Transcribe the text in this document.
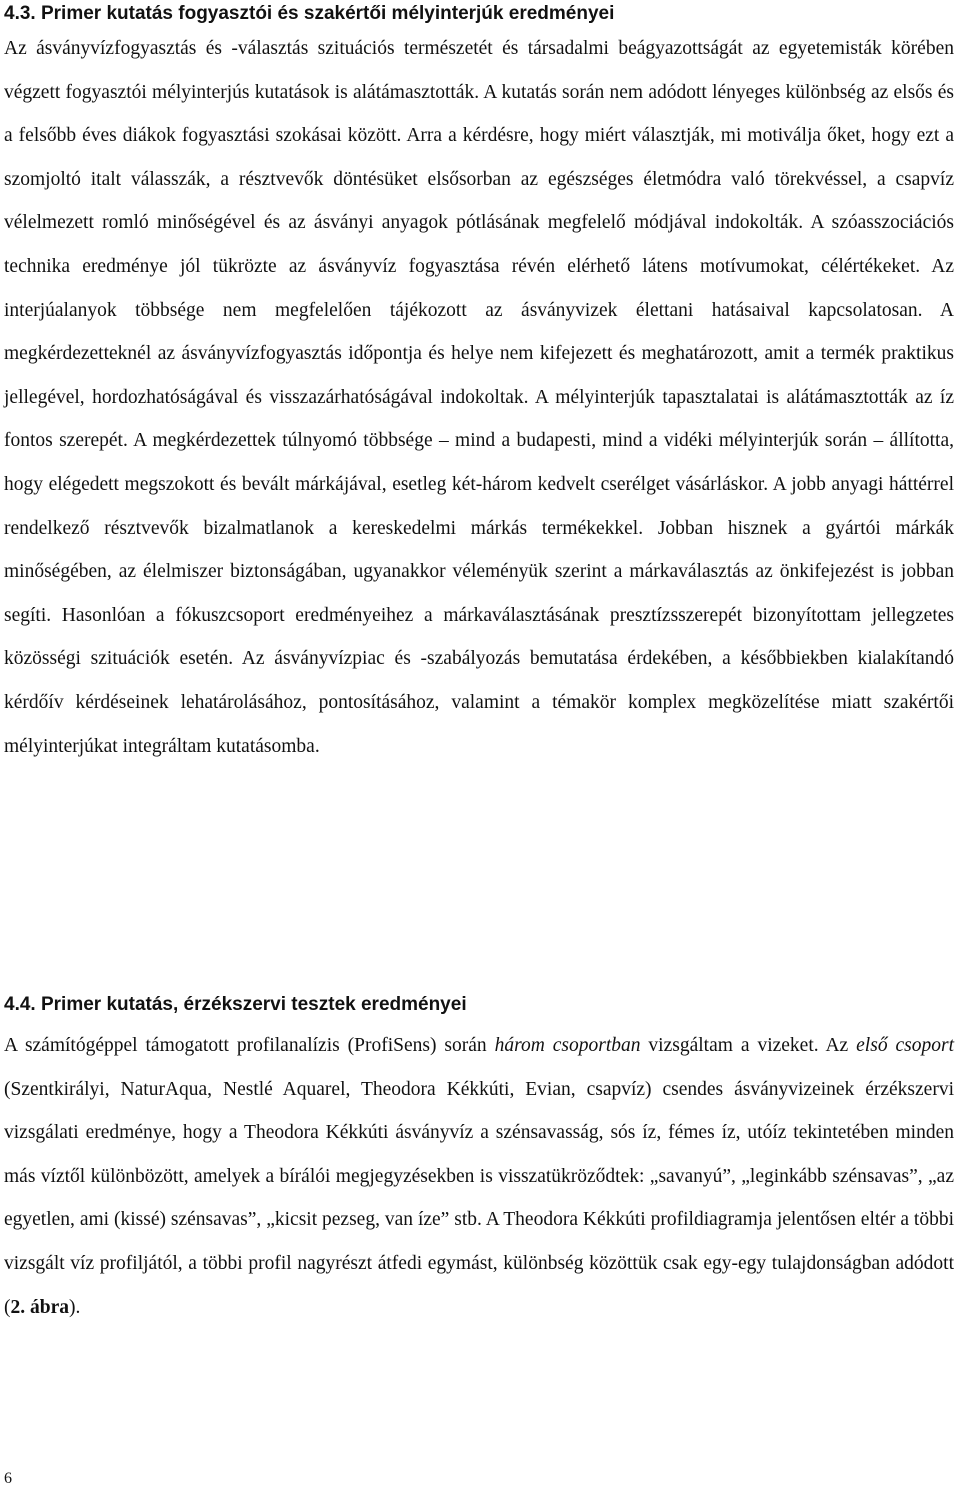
4.3. Primer kutatás fogyasztói és szakértői mélyinterjúk eredményei

Az ásványvízfogyasztás és -választás szituációs természetét és társadalmi beágyazottságát az egyetemisták körében végzett fogyasztói mélyinterjús kutatások is alátámasztották. A kutatás során nem adódott lényeges különbség az elsős és a felsőbb éves diákok fogyasztási szokásai között. Arra a kérdésre, hogy miért választják, mi motiválja őket, hogy ezt a szomjoltó italt válasszák, a résztvevők döntésüket elsősorban az egészséges életmódra való törekvéssel, a csapvíz vélelmezett romló minőségével és az ásványi anyagok pótlásának megfelelő módjával indokolták. A szóasszociációs technika eredménye jól tükrözte az ásványvíz fogyasztása révén elérhető látens motívumokat, célértékeket. Az interjúalanyok többsége nem megfelelően tájékozott az ásványvizek élettani hatásaival kapcsolatosan. A megkérdezetteknél az ásványvízfogyasztás időpontja és helye nem kifejezett és meghatározott, amit a termék praktikus jellegével, hordozhatóságával és visszazárhatóságával indokoltak. A mélyinterjúk tapasztalatai is alátámasztották az íz fontos szerepét. A megkérdezettek túlnyomó többsége – mind a budapesti, mind a vidéki mélyinterjúk során – állította, hogy elégedett megszokott és bevált márkájával, esetleg két-három kedvelt cserélget vásárláskor. A jobb anyagi háttérrel rendelkező résztvevők bizalmatlanok a kereskedelmi márkás termékekkel. Jobban hisznek a gyártói márkák minőségében, az élelmiszer biztonságában, ugyanakkor véleményük szerint a márkaválasztás az önkifejezést is jobban segíti. Hasonlóan a fókuszcsoport eredményeihez a márkaválasztásának presztízsszerepét bizonyítottam jellegzetes közösségi szituációk esetén. Az ásványvízpiac és -szabályozás bemutatása érdekében, a későbbiekben kialakítandó kérdőív kérdéseinek lehatárolásához, pontosításához, valamint a témakör komplex megközelítése miatt szakértői mélyinterjúkat integráltam kutatásomba.

4.4. Primer kutatás, érzékszervi tesztek eredményei

A számítógéppel támogatott profilanalízis (ProfiSens) során három csoportban vizsgáltam a vizeket. Az első csoport (Szentkirályi, NaturAqua, Nestlé Aquarel, Theodora Kékkúti, Evian, csapvíz) csendes ásványvizeinek érzékszervi vizsgálati eredménye, hogy a Theodora Kékkúti ásványvíz a szénsavasság, sós íz, fémes íz, utóíz tekintetében minden más víztől különbözött, amelyek a bírálói megjegyzésekben is visszatükröződtek: „savanyú”, „leginkább szénsavas”, „az egyetlen, ami (kissé) szénsavas”, „kicsit pezseg, van íze” stb. A Theodora Kékkúti profildiagramja jelentősen eltér a többi vizsgált víz profiljától, a többi profil nagyrészt átfedi egymást, különbség közöttük csak egy-egy tulajdonságban adódott (2. ábra).

6
